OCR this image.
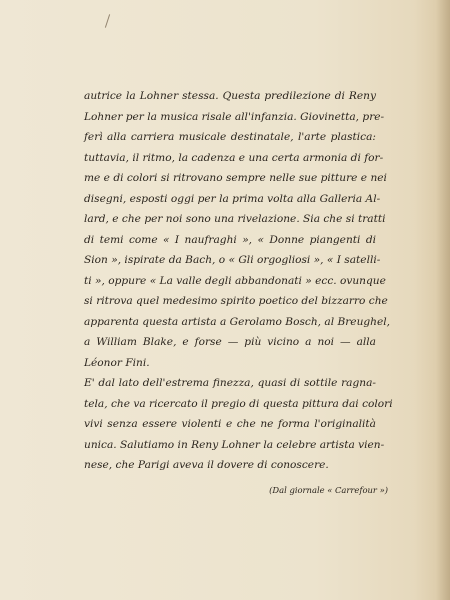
autrice la Lohner stessa. Questa predilezione di Reny
Lohner per la musica risale all'infanzia. Giovinetta, pre-
ferì alla carriera musicale destinatale, l'arte plastica:
tuttavia, il ritmo, la cadenza e una certa armonia di for-
me e di colori si ritrovano sempre nelle sue pitture e nei
disegni, esposti oggi per la prima volta alla Galleria Al-
lard, e che per noi sono una rivelazione. Sia che si tratti
di temi come « I naufraghi », « Donne piangenti di
Sion », ispirate da Bach, o « Gli orgogliosi », « I satelli-
ti », oppure « La valle degli abbandonati » ecc. ovunque
si ritrova quel medesimo spirito poetico del bizzarro che
apparenta questa artista a Gerolamo Bosch, al Breughel,
a William Blake, e forse — più vicino a noi — alla
Léonor Fini.
E' dal lato dell'estrema finezza, quasi di sottile ragna-
tela, che va ricercato il pregio di questa pittura dai colori
vivi senza essere violenti e che ne forma l'originalità
unica. Salutiamo in Reny Lohner la celebre artista vien-
nese, che Parigi aveva il dovere di conoscere.
(Dal giornale « Carrefour »)
